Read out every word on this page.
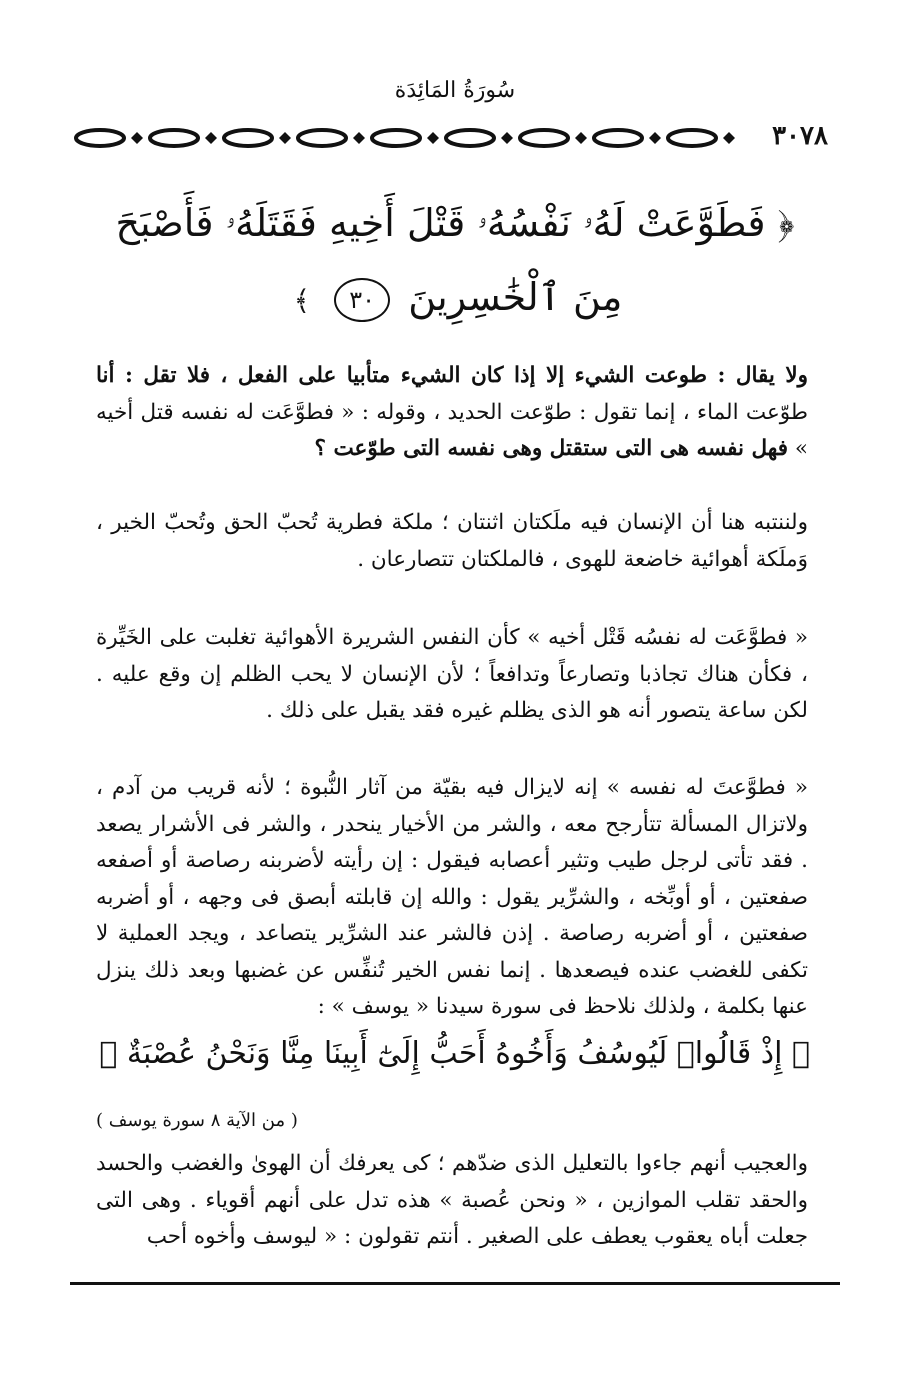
سُورَةُ المَائِدَة
٣٠٧٨
﴿ فَطَوَّعَتْ لَهُۥ نَفْسُهُۥ قَتْلَ أَخِيهِ فَقَتَلَهُۥ فَأَصْبَحَ
مِنَ ٱلْخَٰسِرِينَ ٣٠ ﴾
ولا يقال : طوعت الشيء إلا إذا كان الشيء متأبيا على الفعل ، فلا تقل : أنا طوّعت الماء ، إنما تقول : طوّعت الحديد ، وقوله : « فطوَّعَت له نفسه قتل أخيه » فهل نفسه هى التى ستقتل وهى نفسه التى طوّعت ؟
ولننتبه هنا أن الإنسان فيه ملَكتان اثنتان ؛ ملكة فطرية تُحبّ الحق وتُحبّ الخير ، وَملَكة أهوائية خاضعة للهوى ، فالملكتان تتصارعان .
« فطوَّعَت له نفسُه قَتْل أخيه » كأن النفس الشريرة الأهوائية تغلبت على الخَيِّرة ، فكأن هناك تجاذبا وتصارعاً وتدافعاً ؛ لأن الإنسان لا يحب الظلم إن وقع عليه . لكن ساعة يتصور أنه هو الذى يظلم غيره فقد يقبل على ذلك .
« فطوَّعتَ له نفسه » إنه لايزال فيه بقيّة من آثار النُّبوة ؛ لأنه قريب من آدم ، ولاتزال المسألة تتأرجح معه ، والشر من الأخيار ينحدر ، والشر فى الأشرار يصعد . فقد تأتى لرجل طيب وتثير أعصابه فيقول : إن رأيته لأضربنه رصاصة أو أصفعه صفعتين ، أو أوبِّخه ، والشرِّير يقول : والله إن قابلته أبصق فى وجهه ، أو أضربه صفعتين ، أو أضربه رصاصة . إذن فالشر عند الشرِّير يتصاعد ، ويجد العملية لا تكفى للغضب عنده فيصعدها . إنما نفس الخير تُنفِّس عن غضبها وبعد ذلك ينزل عنها بكلمة ، ولذلك نلاحظ فى سورة سيدنا « يوسف » :
﴿ إِذْ قَالُوا۟ لَيُوسُفُ وَأَخُوهُ أَحَبُّ إِلَىٰٓ أَبِينَا مِنَّا وَنَحْنُ عُصْبَةٌ ﴾
( من الآية ٨ سورة يوسف )
والعجيب أنهم جاءوا بالتعليل الذى ضدّهم ؛ كى يعرفك أن الهوىٰ والغضب والحسد والحقد تقلب الموازين ، « ونحن عُصبة » هذه تدل على أنهم أقوياء . وهى التى جعلت أباه يعقوب يعطف على الصغير . أنتم تقولون : « ليوسف وأخوه أحب
